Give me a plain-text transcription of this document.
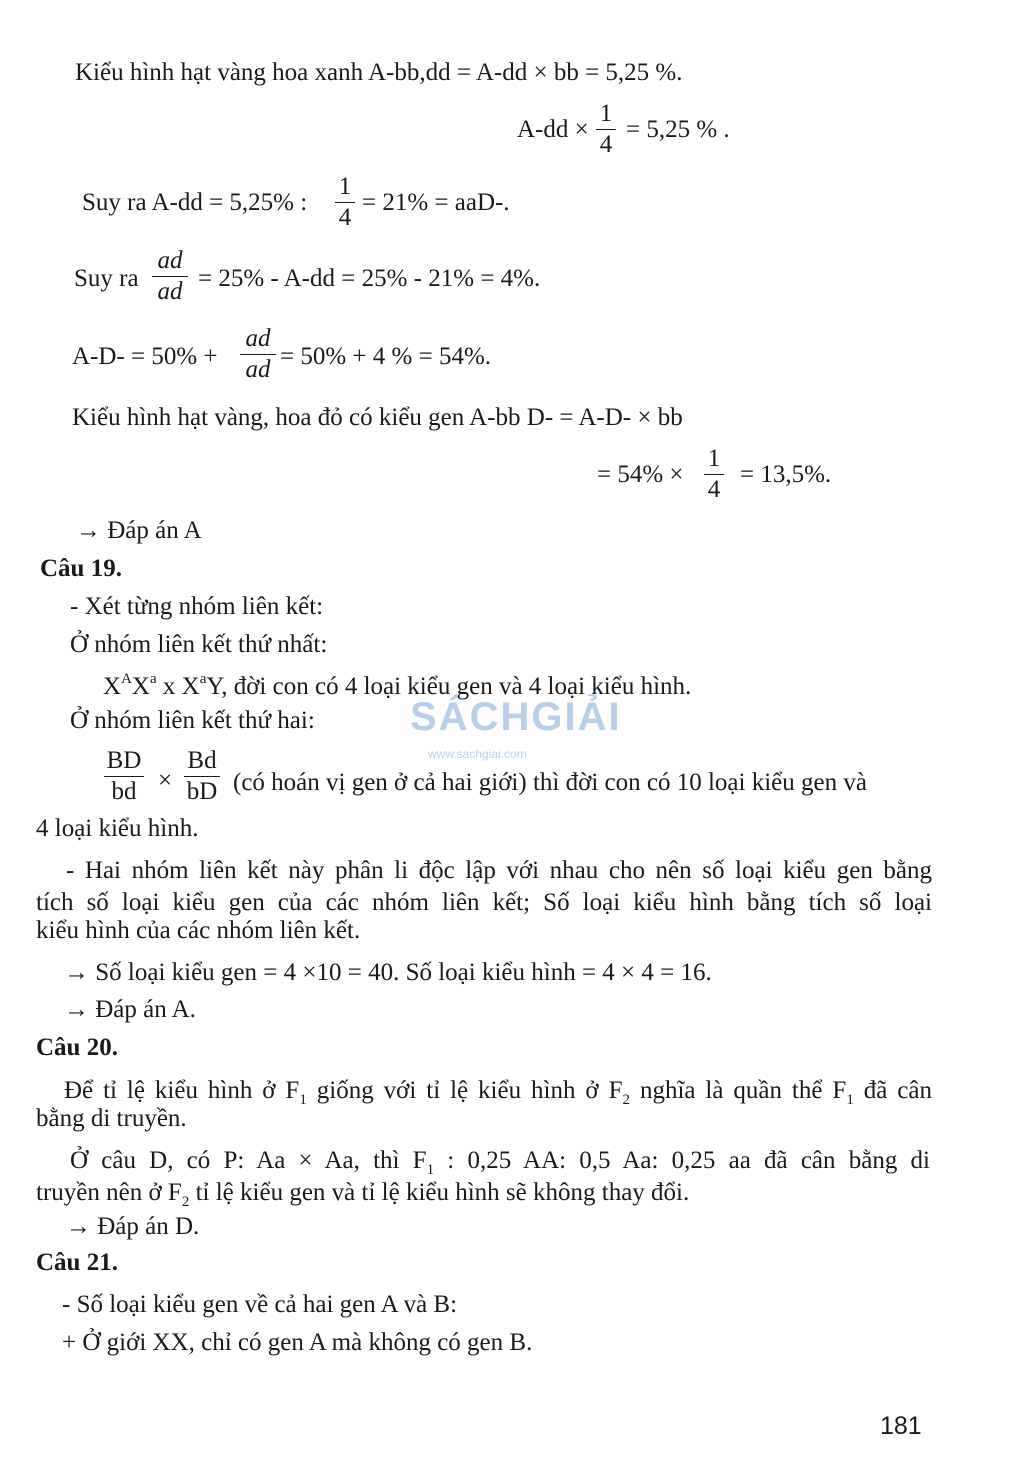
SÁCHGIẢI
www.sachgiai.com
Kiểu hình hạt vàng hoa xanh A-bb,dd = A-dd × bb = 5,25 %.
A-dd ×
1
4
= 5,25 % .
Suy ra A-dd = 5,25% :
1
4
= 21% = aaD-.
Suy ra
ad
ad = 25% - A-dd = 25% - 21% = 4%.
A-D- = 50% +
ad
ad = 50% + 4 % = 54%.
Kiểu hình hạt vàng, hoa đỏ có kiểu gen A-bb D- = A-D- × bb
= 54% ×
1
4
= 13,5%.
→ Đáp án A
Câu 19.
- Xét từng nhóm liên kết:
Ở nhóm liên kết thứ nhất:
$X^AX^a$ x $X^aY$, đời con có 4 loại kiểu gen và 4 loại kiểu hình.
Ở nhóm liên kết thứ hai:
BD
bd ×
Bd
bD (có hoán vị gen ở cả hai giới) thì đời con có 10 loại kiểu gen và
4 loại kiểu hình.
- Hai nhóm liên kết này phân li độc lập với nhau cho nên số loại kiểu gen bằng
tích số loại kiểu gen của các nhóm liên kết; Số loại kiểu hình bằng tích số loại
kiểu hình của các nhóm liên kết.
→ Số loại kiểu gen = 4 ×10 = 40. Số loại kiểu hình = 4 × 4 = 16.
→ Đáp án A.
Câu 20.
Để tỉ lệ kiểu hình ở $F_1$ giống với tỉ lệ kiểu hình ở $F_2$ nghĩa là quần thể $F_1$ đã cân
bằng di truyền.
Ở câu D, có P: Aa × Aa, thì $F_1$ : 0,25 AA: 0,5 Aa: 0,25 aa đã cân bằng di
truyền nên ở $F_2$ tỉ lệ kiểu gen và tỉ lệ kiểu hình sẽ không thay đổi.
→ Đáp án D.
Câu 21.
- Số loại kiểu gen về cả hai gen A và B:
+ Ở giới XX, chỉ có gen A mà không có gen B.
181
